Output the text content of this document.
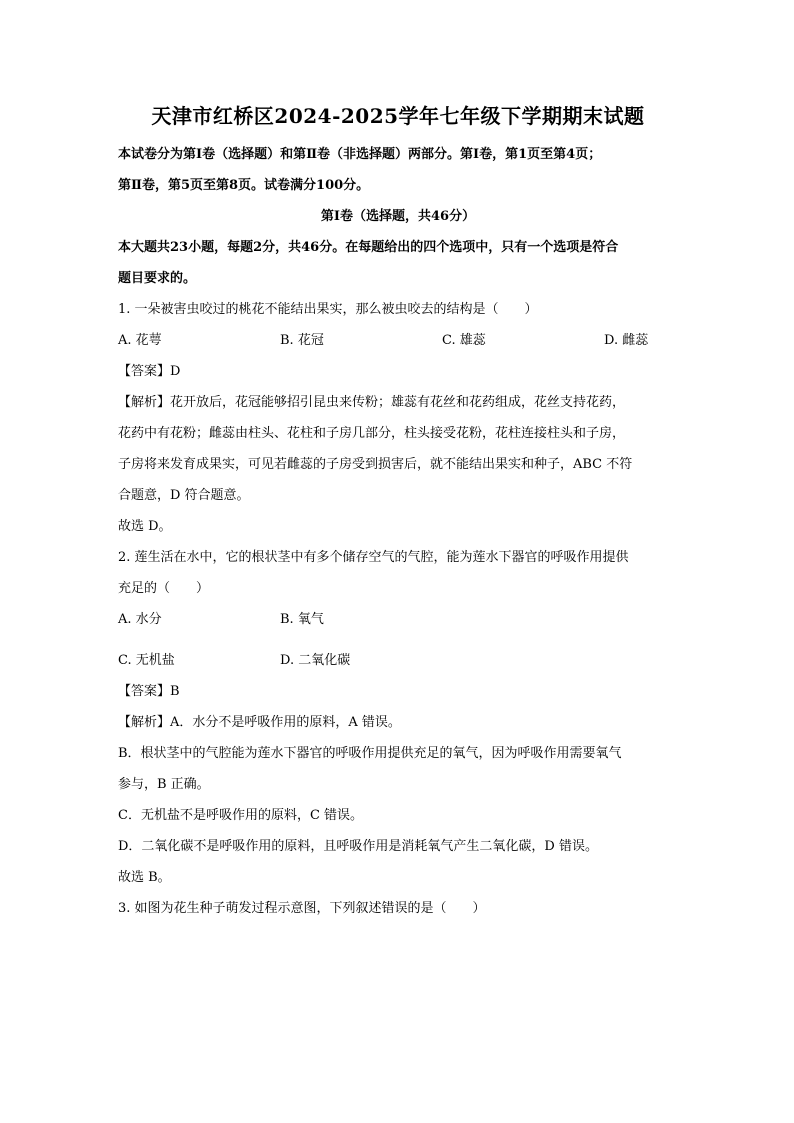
天津市红桥区2024-2025学年七年级下学期期末试题

本试卷分为第Ⅰ卷（选择题）和第Ⅱ卷（非选择题）两部分。第Ⅰ卷，第1页至第4页；

第Ⅱ卷，第5页至第8页。试卷满分100分。

第Ⅰ卷（选择题，共46分）

本大题共23小题，每题2分，共46分。在每题给出的四个选项中，只有一个选项是符合

题目要求的。

1. 一朵被害虫咬过的桃花不能结出果实，那么被虫咬去的结构是（　　）

A. 花萼	B. 花冠	C. 雄蕊	D. 雌蕊

【答案】D

【解析】花开放后，花冠能够招引昆虫来传粉；雄蕊有花丝和花药组成，花丝支持花药，

花药中有花粉；雌蕊由柱头、花柱和子房几部分，柱头接受花粉，花柱连接柱头和子房，

子房将来发育成果实，可见若雌蕊的子房受到损害后，就不能结出果实和种子，ABC 不符

合题意，D 符合题意。

故选 D。

2. 莲生活在水中，它的根状茎中有多个储存空气的气腔，能为莲水下器官的呼吸作用提供

充足的（　　）

A. 水分	B. 氧气
C. 无机盐	D. 二氧化碳

【答案】B

【解析】A．水分不是呼吸作用的原料，A 错误。

B．根状茎中的气腔能为莲水下器官的呼吸作用提供充足的氧气，因为呼吸作用需要氧气

参与，B 正确。

C．无机盐不是呼吸作用的原料，C 错误。

D．二氧化碳不是呼吸作用的原料，且呼吸作用是消耗氧气产生二氧化碳，D 错误。

故选 B。

3. 如图为花生种子萌发过程示意图，下列叙述错误的是（　　）
